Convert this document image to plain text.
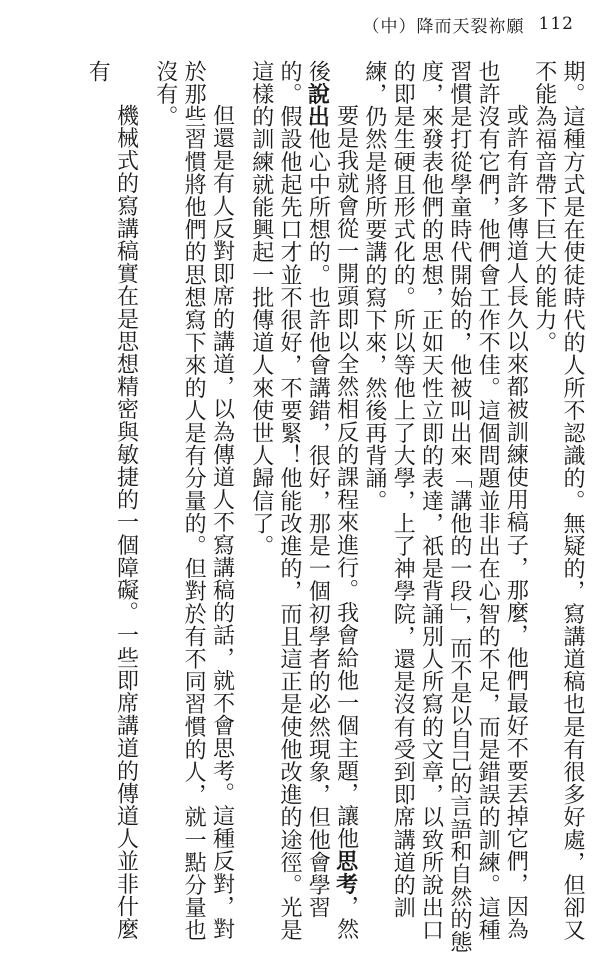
（中）降而天裂祢願 112

期。這種方式是在使徒時代的人所不認識的。無疑的，寫講道稿也是有很多好處，但卻又不能為福音帶下巨大的能力。

或許有許多傳道人長久以來都被訓練使用稿子，那麼，他們最好不要丟掉它們，因為也許沒有它們，他們會工作不佳。這個問題並非出在心智的不足，而是錯誤的訓練。這種習慣是打從學童時代開始的，他被叫出來「講他的一段」，而不是以自己的言語和自然的態度，來發表他們的思想，正如天性立即的表達，祇是背誦別人所寫的文章，以致所說出口的即是生硬且形式化的。所以等他上了大學，上了神學院，還是沒有受到即席講道的訓練，仍然是將所要講的寫下來，然後再背誦。

要是我就會從一開頭即以全然相反的課程來進行。我會給他一個主題，讓他思考，然後說出他心中所想的。也許他會講錯，很好，那是一個初學者的必然現象，但他會學習的。假設他起先口才並不很好，不要緊！他能改進的，而且這正是使他改進的途徑。光是這樣的訓練就能興起一批傳道人來使世人歸信了。

但還是有人反對即席的講道，以為傳道人不寫講稿的話，就不會思考。這種反對，對於那些習慣將他們的思想寫下來的人是有分量的。但對於有不同習慣的人，就一點分量也沒有。

機械式的寫講稿實在是思想精密與敏捷的一個障礙。一些即席講道的傳道人並非什麼有
